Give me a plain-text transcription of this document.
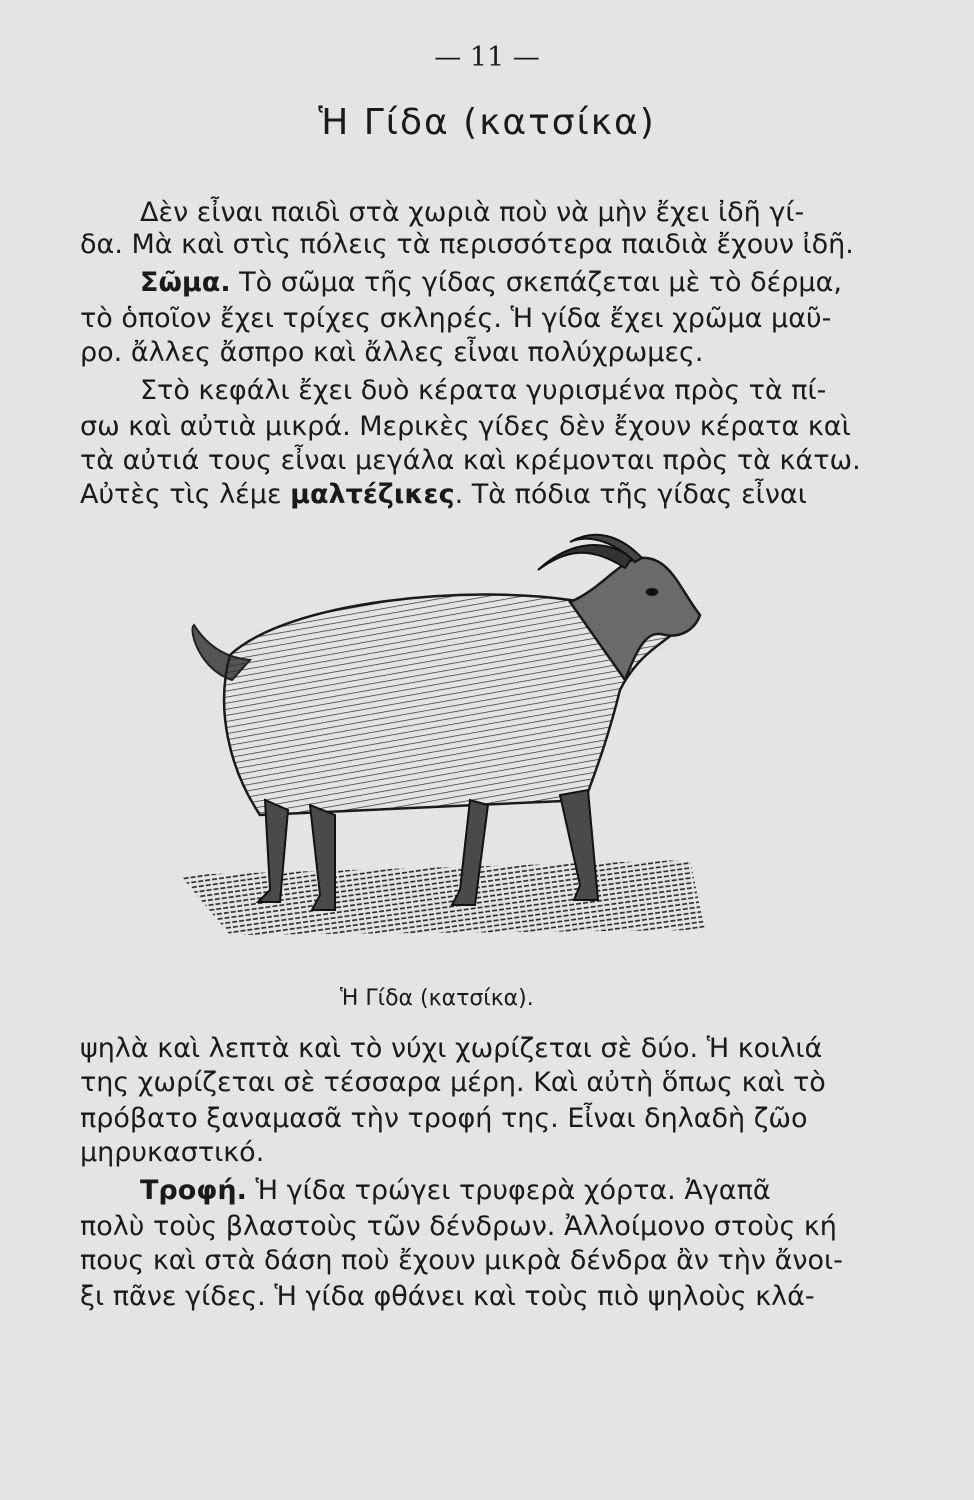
— 11 —
Ἡ Γίδα (κατσίκα)
Δὲν εἶναι παιδὶ στὰ χωριὰ ποὺ νὰ μὴν ἔχει ἰδῆ γί-
δα. Μὰ καὶ στὶς πόλεις τὰ περισσότερα παιδιὰ ἔχουν ἰδῆ.
Σῶμα. Τὸ σῶμα τῆς γίδας σκεπάζεται μὲ τὸ δέρμα,
τὸ ὁποῖον ἔχει τρίχες σκληρές. Ἡ γίδα ἔχει χρῶμα μαῦ-
ρο. ἄλλες ἄσπρο καὶ ἄλλες εἶναι πολύχρωμες.
Στὸ κεφάλι ἔχει δυὸ κέρατα γυρισμένα πρὸς τὰ πί-
σω καὶ αὐτιὰ μικρά. Μερικὲς γίδες δὲν ἔχουν κέρατα καὶ
τὰ αὐτιά τους εἶναι μεγάλα καὶ κρέμονται πρὸς τὰ κάτω.
Αὐτὲς τὶς λέμε μαλτέζικες. Τὰ πόδια τῆς γίδας εἶναι
Ἡ Γίδα (κατσίκα).
ψηλὰ καὶ λεπτὰ καὶ τὸ νύχι χωρίζεται σὲ δύο. Ἡ κοιλιά
της χωρίζεται σὲ τέσσαρα μέρη. Καὶ αὐτὴ ὅπως καὶ τὸ
πρόβατο ξαναμασᾶ τὴν τροφή της. Εἶναι δηλαδὴ ζῶο
μηρυκαστικό.
Τροφή. Ἡ γίδα τρώγει τρυφερὰ χόρτα. Ἀγαπᾶ
πολὺ τοὺς βλαστοὺς τῶν δένδρων. Ἀλλοίμονο στοὺς κή
πους καὶ στὰ δάση ποὺ ἔχουν μικρὰ δένδρα ἂν τὴν ἄνοι-
ξι πᾶνε γίδες. Ἡ γίδα φθάνει καὶ τοὺς πιὸ ψηλοὺς κλά-
